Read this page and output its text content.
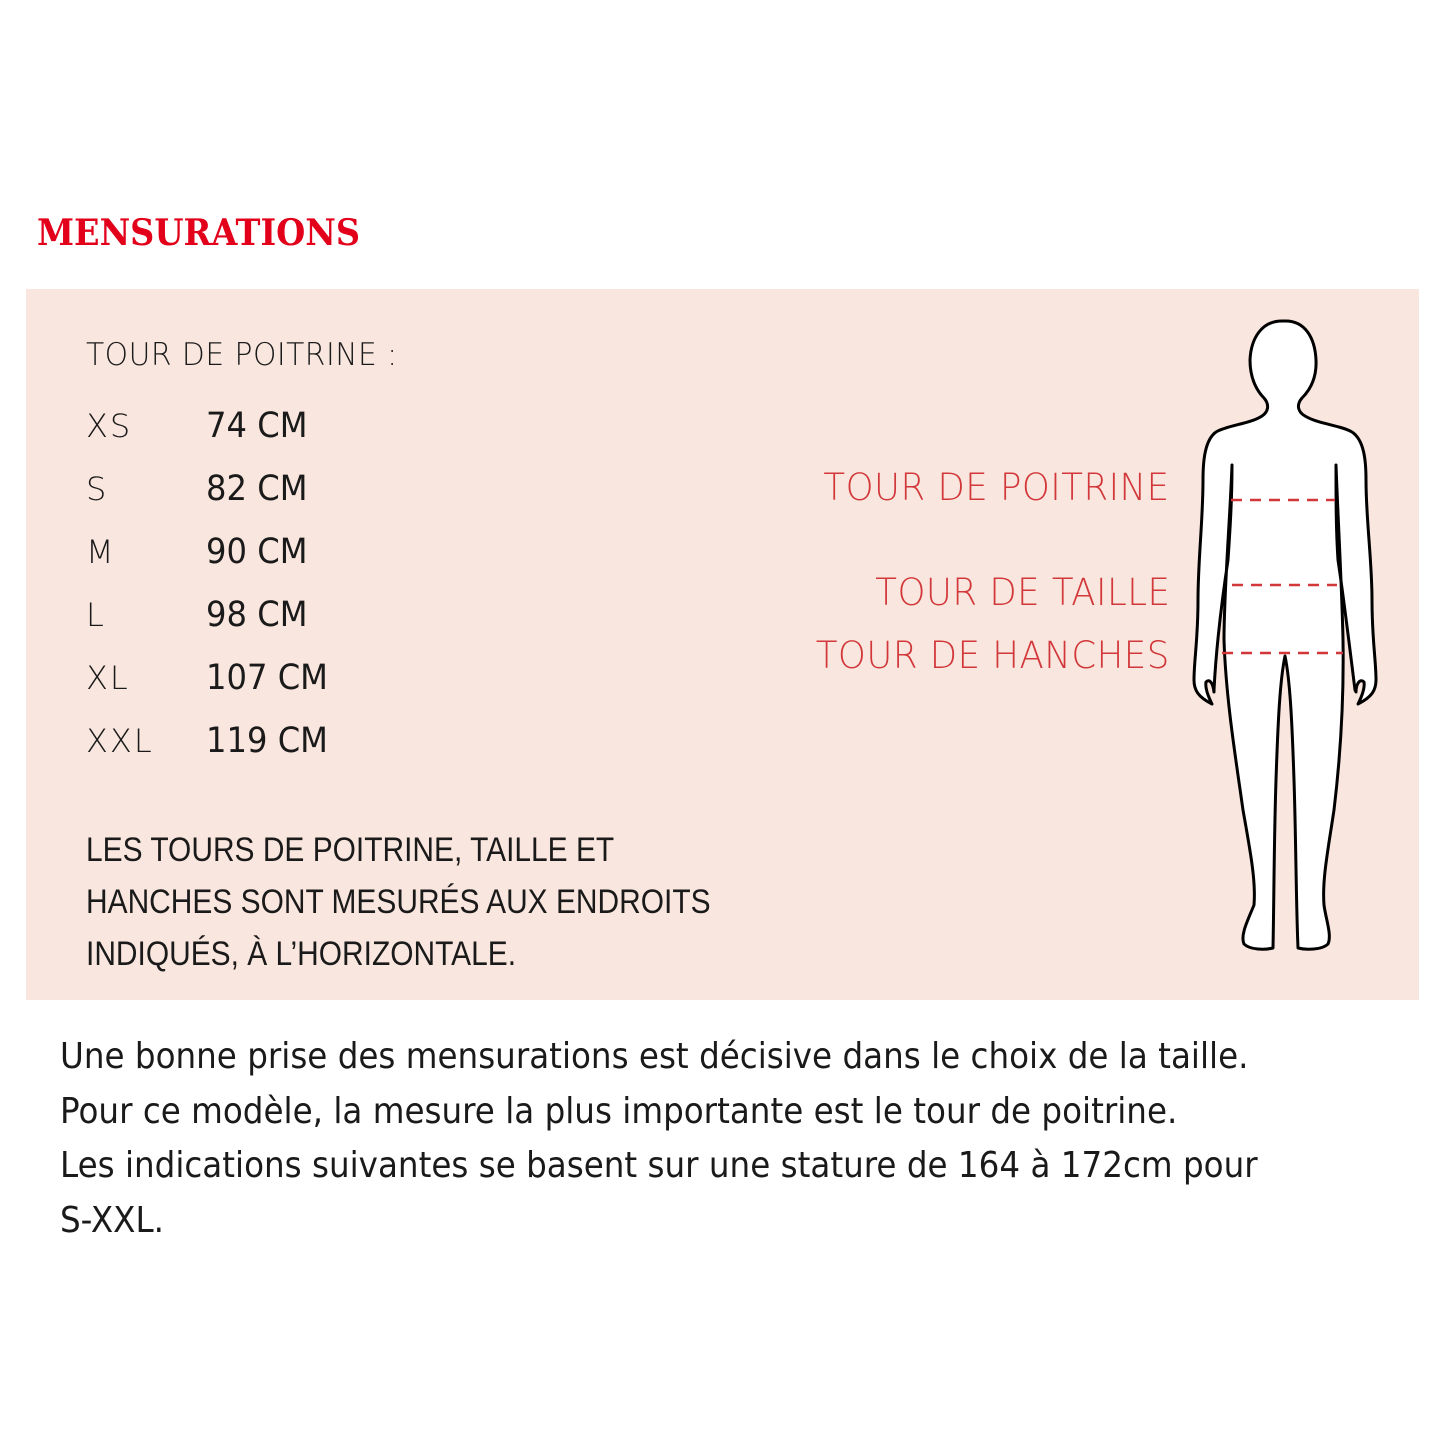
MENSURATIONS

TOUR DE POITRINE :

XS	74 CM
S	82 CM
M	90 CM
L	98 CM
XL	107 CM
XXL	119 CM

LES TOURS DE POITRINE, TAILLE ET
HANCHES SONT MESURÉS AUX ENDROITS
INDIQUÉS, À L’HORIZONTALE.

TOUR DE POITRINE
TOUR DE TAILLE
TOUR DE HANCHES

Une bonne prise des mensurations est décisive dans le choix de la taille.
Pour ce modèle, la mesure la plus importante est le tour de poitrine.
Les indications suivantes se basent sur une stature de 164 à 172cm pour
S-XXL.
